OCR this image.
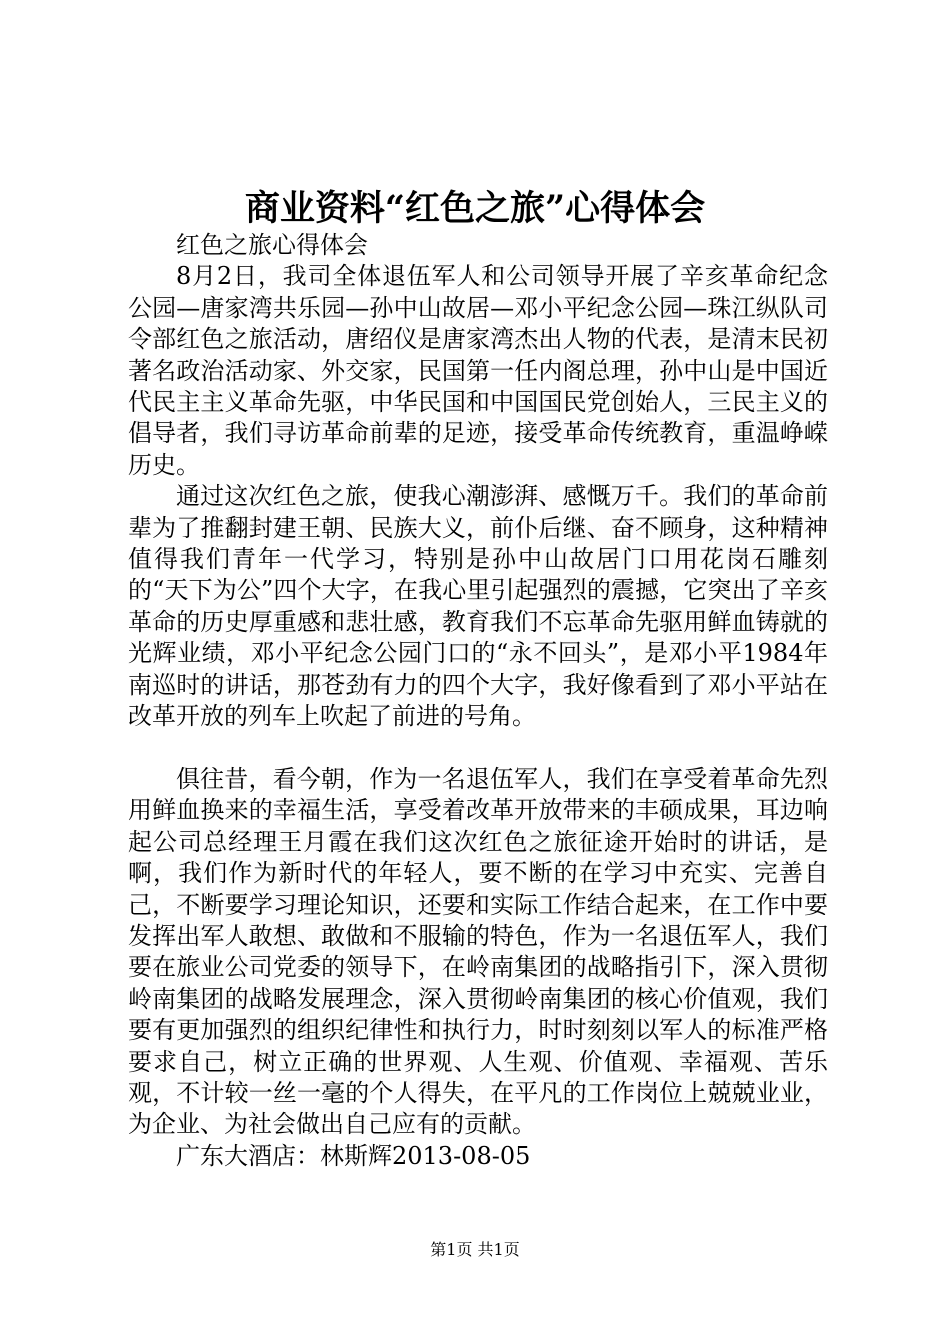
商业资料“红色之旅”心得体会

红色之旅心得体会

8月2日，我司全体退伍军人和公司领导开展了辛亥革命纪念公园—唐家湾共乐园—孙中山故居—邓小平纪念公园—珠江纵队司令部红色之旅活动，唐绍仪是唐家湾杰出人物的代表，是清末民初著名政治活动家、外交家，民国第一任内阁总理，孙中山是中国近代民主主义革命先驱，中华民国和中国国民党创始人，三民主义的倡导者，我们寻访革命前辈的足迹，接受革命传统教育，重温峥嵘历史。

通过这次红色之旅，使我心潮澎湃、感慨万千。我们的革命前辈为了推翻封建王朝、民族大义，前仆后继、奋不顾身，这种精神值得我们青年一代学习，特别是孙中山故居门口用花岗石雕刻的“天下为公”四个大字，在我心里引起强烈的震撼，它突出了辛亥革命的历史厚重感和悲壮感，教育我们不忘革命先驱用鲜血铸就的光辉业绩，邓小平纪念公园门口的“永不回头”，是邓小平1984年南巡时的讲话，那苍劲有力的四个大字，我好像看到了邓小平站在改革开放的列车上吹起了前进的号角。

俱往昔，看今朝，作为一名退伍军人，我们在享受着革命先烈用鲜血换来的幸福生活，享受着改革开放带来的丰硕成果，耳边响起公司总经理王月霞在我们这次红色之旅征途开始时的讲话，是啊，我们作为新时代的年轻人，要不断的在学习中充实、完善自己，不断要学习理论知识，还要和实际工作结合起来，在工作中要发挥出军人敢想、敢做和不服输的特色，作为一名退伍军人，我们要在旅业公司党委的领导下，在岭南集团的战略指引下，深入贯彻岭南集团的战略发展理念，深入贯彻岭南集团的核心价值观，我们要有更加强烈的组织纪律性和执行力，时时刻刻以军人的标准严格要求自己，树立正确的世界观、人生观、价值观、幸福观、苦乐观，不计较一丝一毫的个人得失，在平凡的工作岗位上兢兢业业，为企业、为社会做出自己应有的贡献。

广东大酒店：林斯辉2013-08-05

第1页 共1页
